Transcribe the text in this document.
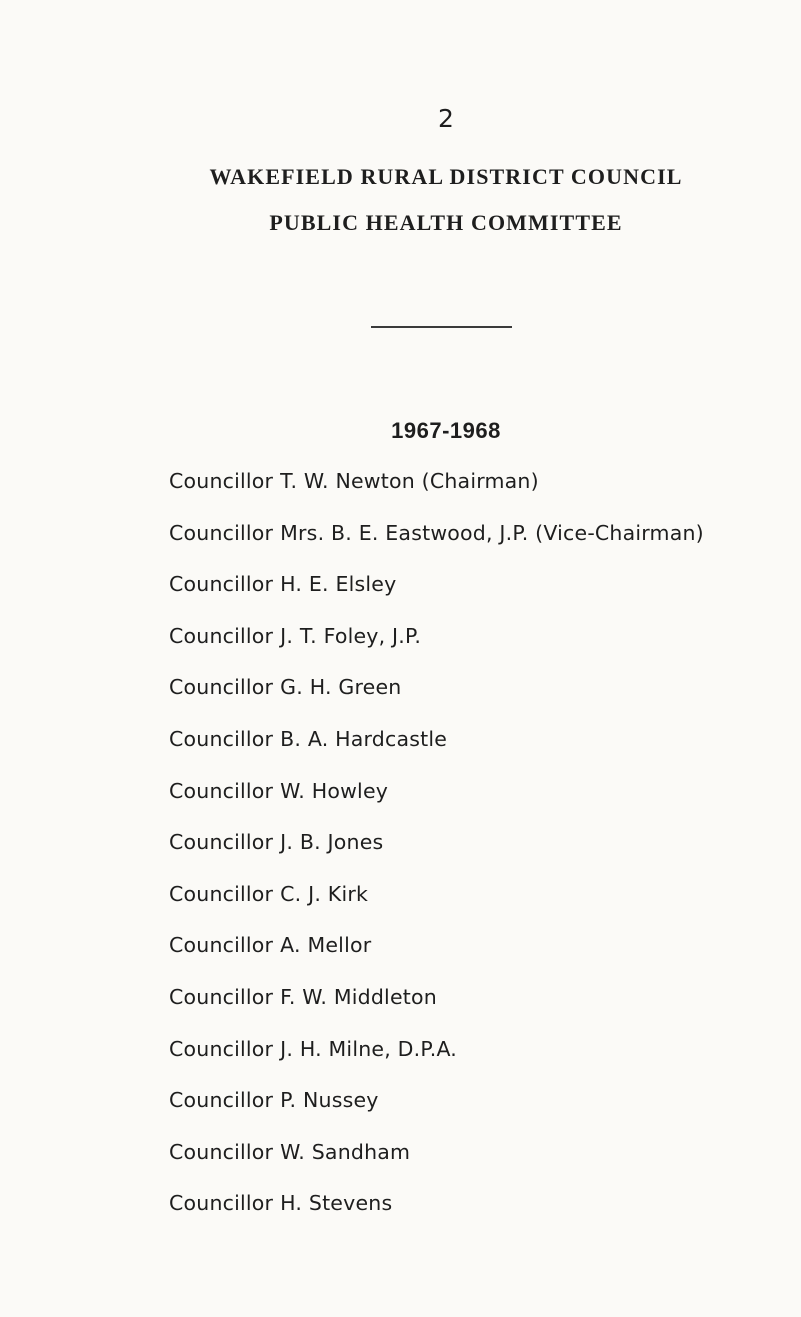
2
WAKEFIELD RURAL DISTRICT COUNCIL
PUBLIC HEALTH COMMITTEE
1967-1968
Councillor T. W. Newton (Chairman)
Councillor Mrs. B. E. Eastwood, J.P. (Vice-Chairman)
Councillor H. E. Elsley
Councillor J. T. Foley, J.P.
Councillor G. H. Green
Councillor B. A. Hardcastle
Councillor W. Howley
Councillor J. B. Jones
Councillor C. J. Kirk
Councillor A. Mellor
Councillor F. W. Middleton
Councillor J. H. Milne, D.P.A.
Councillor P. Nussey
Councillor W. Sandham
Councillor H. Stevens
